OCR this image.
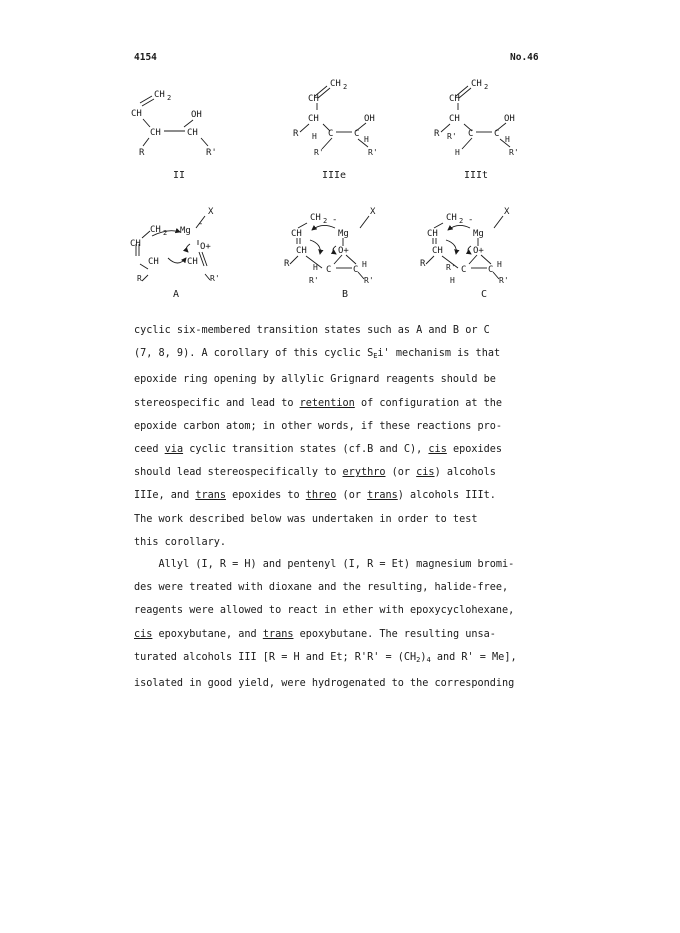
4154	No.46
CH 2
CH	OH
CH	CH
R	R'
II
CH 2
CH
CH	OH
R H C C
H
R'	R'
IIIe
CH 2
CH
CH	OH
R R' C C
H
H	R'
IIIt
X
-
CH 2 Mg
CH	O+
CH	CH
R	R'
A
CH 2 -
X
CH	Mg
CH	O+
R	H C C
H
R'	R'
B
CH 2 -
X
CH	Mg
CH	O+
R	R' C C
H
H	R'
C

cyclic six-membered transition states such as A and B or C

(7, 8, 9). A corollary of this cyclic $S_Ei'$ mechanism is that

epoxide ring opening by allylic Grignard reagents should be

stereospecific and lead to retention of configuration at the

epoxide carbon atom; in other words, if these reactions pro-

ceed via cyclic transition states (cf.B and C), cis epoxides

should lead stereospecifically to erythro (or cis) alcohols

IIIe, and trans epoxides to threo (or trans) alcohols IIIt.

The work described below was undertaken in order to test

this corollary.

Allyl (I, R = H) and pentenyl (I, R = Et) magnesium bromi-

des were treated with dioxane and the resulting, halide-free,

reagents were allowed to react in ether with epoxycyclohexane,

cis epoxybutane, and trans epoxybutane. The resulting unsa-

turated alcohols III [R = H and Et; $R'R' = (CH_2)_4$ and R' = Me],

isolated in good yield, were hydrogenated to the corresponding
